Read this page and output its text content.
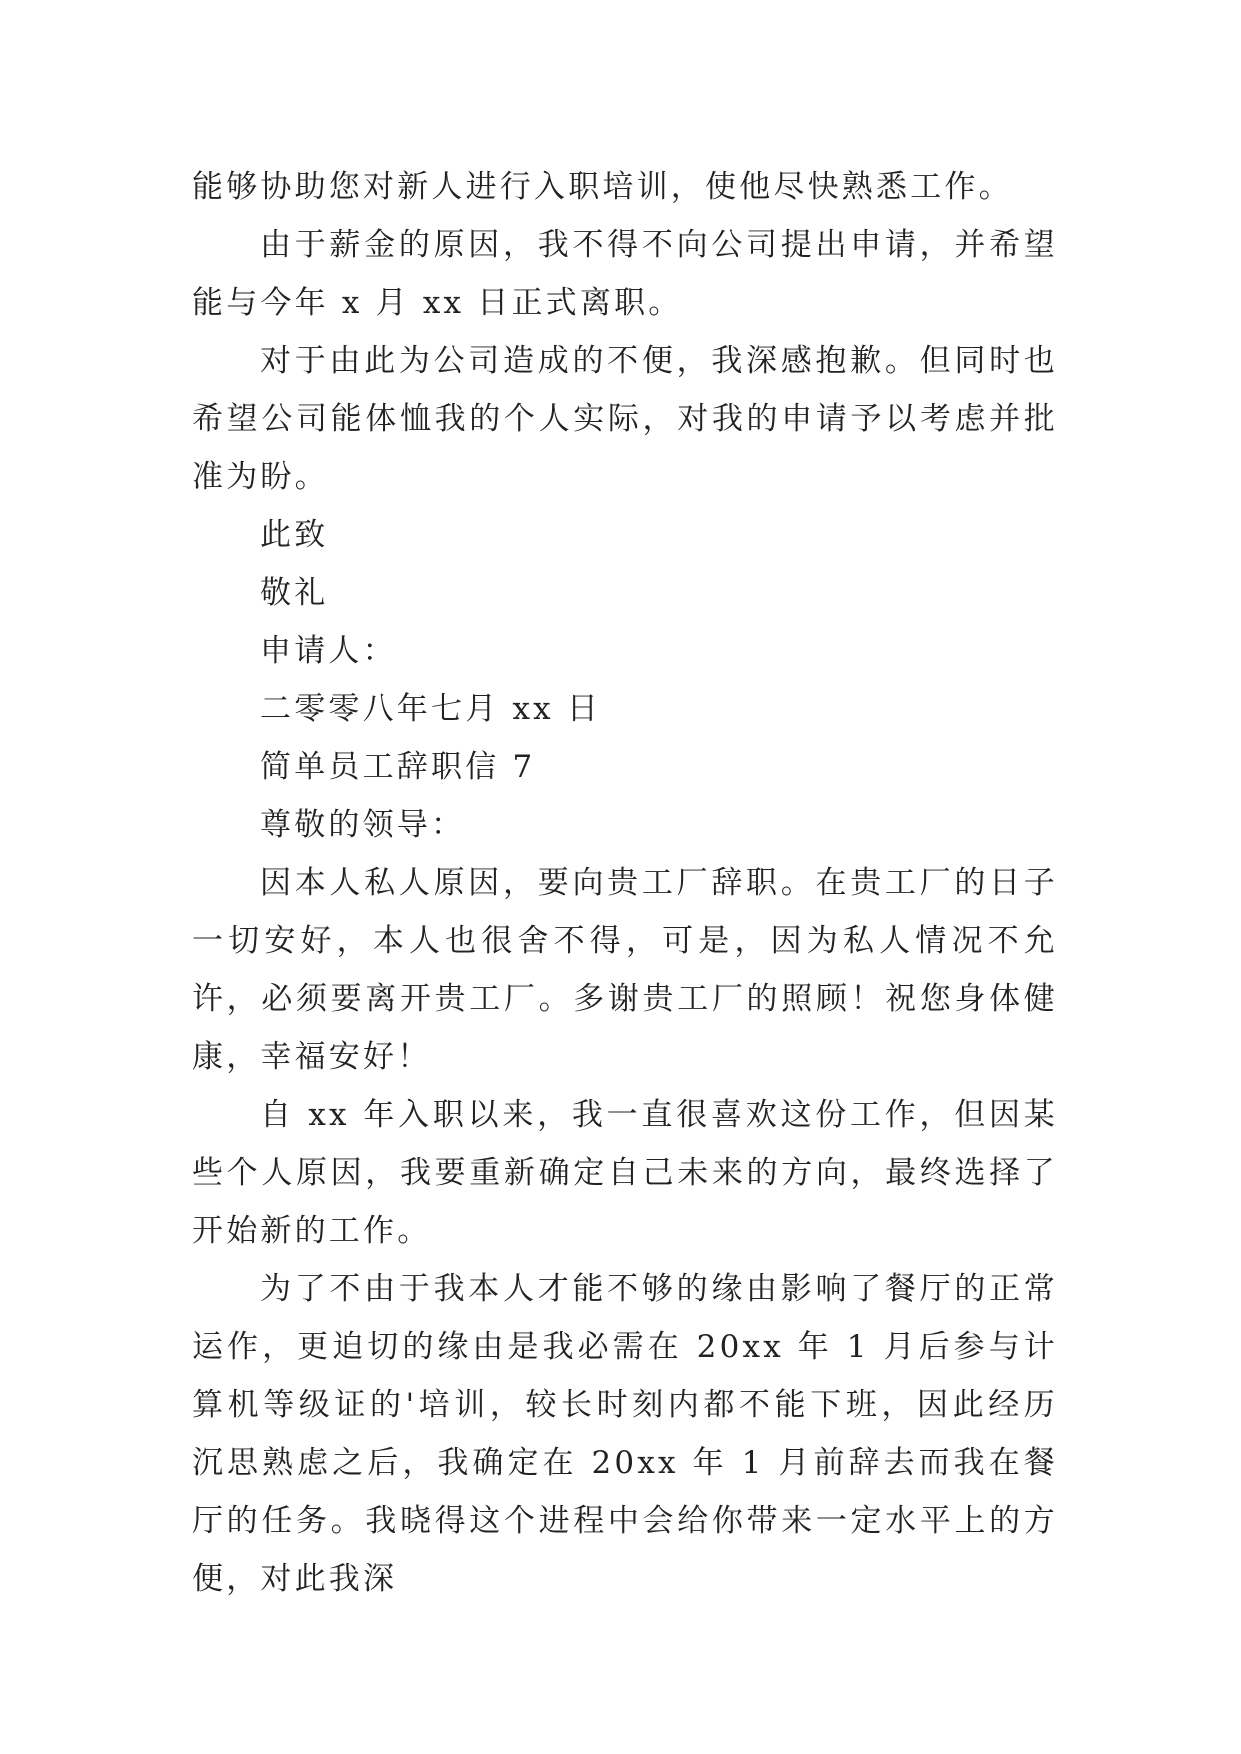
能够协助您对新人进行入职培训，使他尽快熟悉工作。

由于薪金的原因，我不得不向公司提出申请，并希望能与今年 x 月 xx 日正式离职。

对于由此为公司造成的不便，我深感抱歉。但同时也希望公司能体恤我的个人实际，对我的申请予以考虑并批准为盼。

此致

敬礼

申请人：

二零零八年七月 xx 日

简单员工辞职信 7

尊敬的领导：

因本人私人原因，要向贵工厂辞职。在贵工厂的日子一切安好，本人也很舍不得，可是，因为私人情况不允许，必须要离开贵工厂。多谢贵工厂的照顾！祝您身体健康，幸福安好！

自 xx 年入职以来，我一直很喜欢这份工作，但因某些个人原因，我要重新确定自己未来的方向，最终选择了开始新的工作。

为了不由于我本人才能不够的缘由影响了餐厅的正常运作，更迫切的缘由是我必需在 20xx 年 1 月后参与计算机等级证的'培训，较长时刻内都不能下班，因此经历沉思熟虑之后，我确定在 20xx 年 1 月前辞去而我在餐厅的任务。我晓得这个进程中会给你带来一定水平上的方便，对此我深
